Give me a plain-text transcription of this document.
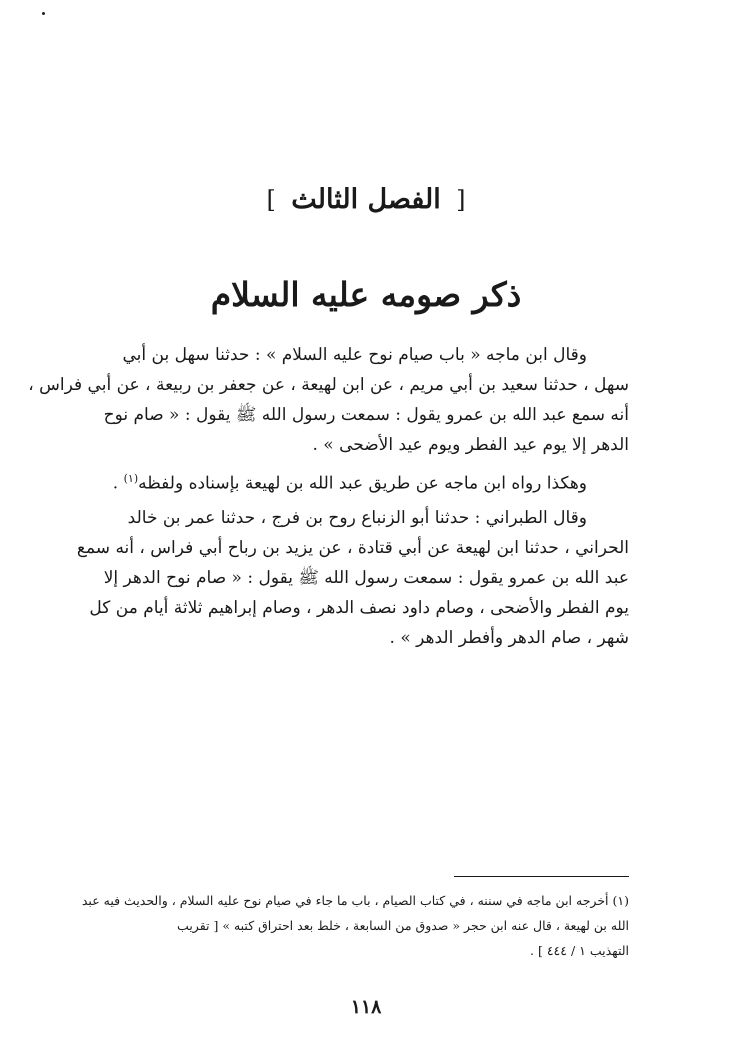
[ الفصل الثالث ]
ذكر صومه عليه السلام

وقال ابن ماجه « باب صيام نوح عليه السلام » : حدثنا سهل بن أبي
سهل ، حدثنا سعيد بن أبي مريم ، عن ابن لهيعة ، عن جعفر بن ربيعة ، عن أبي فراس ،
أنه سمع عبد الله بن عمرو يقول : سمعت رسول الله ﷺ يقول : « صام نوح
الدهر إلا يوم عيد الفطر ويوم عيد الأضحى » .

وهكذا رواه ابن ماجه عن طريق عبد الله بن لهيعة بإسناده ولفظه$^{(١)}$ .

وقال الطبراني : حدثنا أبو الزنباع روح بن فرج ، حدثنا عمر بن خالد
الحراني ، حدثنا ابن لهيعة عن أبي قتادة ، عن يزيد بن رباح أبي فراس ، أنه سمع
عبد الله بن عمرو يقول : سمعت رسول الله ﷺ يقول : « صام نوح الدهر إلا
يوم الفطر والأضحى ، وصام داود نصف الدهر ، وصام إبراهيم ثلاثة أيام من كل
شهر ، صام الدهر وأفطر الدهر » .

(١) أخرجه ابن ماجه في سننه ، في كتاب الصيام ، باب ما جاء في صيام نوح عليه السلام ، والحديث فيه عبد
الله بن لهيعة ، قال عنه ابن حجر « صدوق من السابعة ، خلط بعد احتراق كتبه » [ تقريب
التهذيب ١ / ٤٤٤ ] .
١١٨
